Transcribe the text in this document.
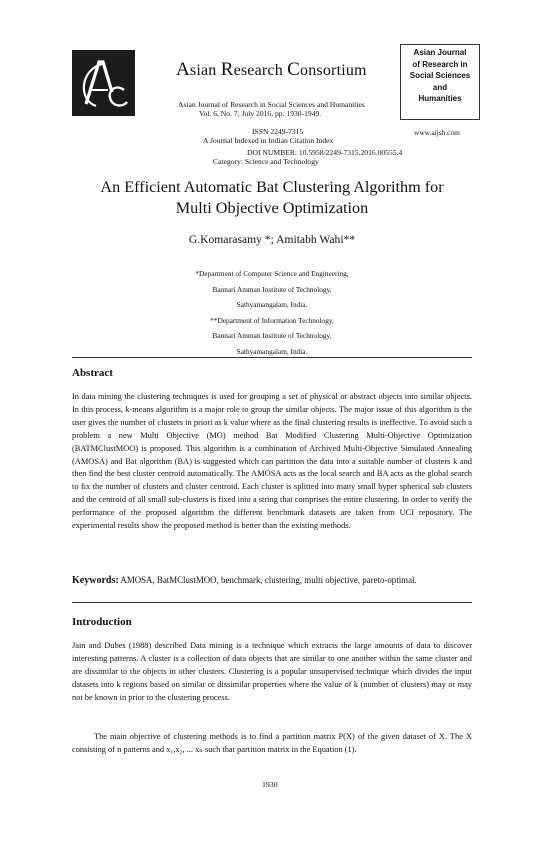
Asian Research Consortium
Asian Journal of Research in Social Sciences and Humanities
Vol. 6, No. 7, July 2016, pp. 1930-1949.
ISSN 2249-7315
A Journal Indexed in Indian Citation Index
DOI NUMBER: 10.5958/2249-7315.2016.00555.4
Category: Science and Technology
Asian Journal
of Research in
Social Sciences
and
Humanities
www.aijsh.com
An Efficient Automatic Bat Clustering Algorithm for
Multi Objective Optimization
G.Komarasamy *; Amitabh Wahi**
*Department of Computer Science and Engineering,
Bannari Amman Institute of Technology,
Sathyamangalam, India.
**Department of Information Technology,
Bannari Amman Institute of Technology,
Sathyamangalam, India.
Abstract
In data mining the clustering techniques is used for grouping a set of physical or abstract objects into similar objects. In this process, k-means algorithm is a major role to group the similar objects. The major issue of this algorithm is the user gives the number of clusters in priori as k value where as the final clustering results is ineffective. To avoid such a problem a new Multi Objective (MO) method Bat Modified Clustering Multi-Objective Optimization (BATMClustMOO) is proposed. This algorithm is a combination of Archived Multi-Objective Simulated Annealing (AMOSA) and Bat algorithm (BA) is suggested which can partition the data into a suitable number of clusters k and then find the best cluster centroid automatically. The AMOSA acts as the local search and BA acts as the global search to fix the number of clusters and cluster centroid. Each cluster is splitted into many small hyper spherical sub clusters and the centroid of all small sub-clusters is fixed into a string that comprises the entire clustering. In order to verify the performance of the proposed algorithm the different benchmark datasets are taken from UCI repository. The experimental results show the proposed method is better than the existing methods.
Keywords: AMOSA, BatMClustMOO, benchmark, clustering, multi objective, pareto-optimal.
Introduction
Jain and Dubes (1988) described Data mining is a technique which extracts the large amounts of data to discover interesting patterns. A cluster is a collection of data objects that are similar to one another within the same cluster and are dissimilar to the objects in other clusters. Clustering is a popular unsupervised technique which divides the input datasets into k regions based on similar or dissimilar properties where the value of k (number of clusters) may or may not be known in prior to the clustering process.
The main objective of clustering methods is to find a partition matrix P(X) of the given dataset of X. The X consisting of n patterns and x₁,x₂, ... xₙ such that partition matrix in the Equation (1).
1930
